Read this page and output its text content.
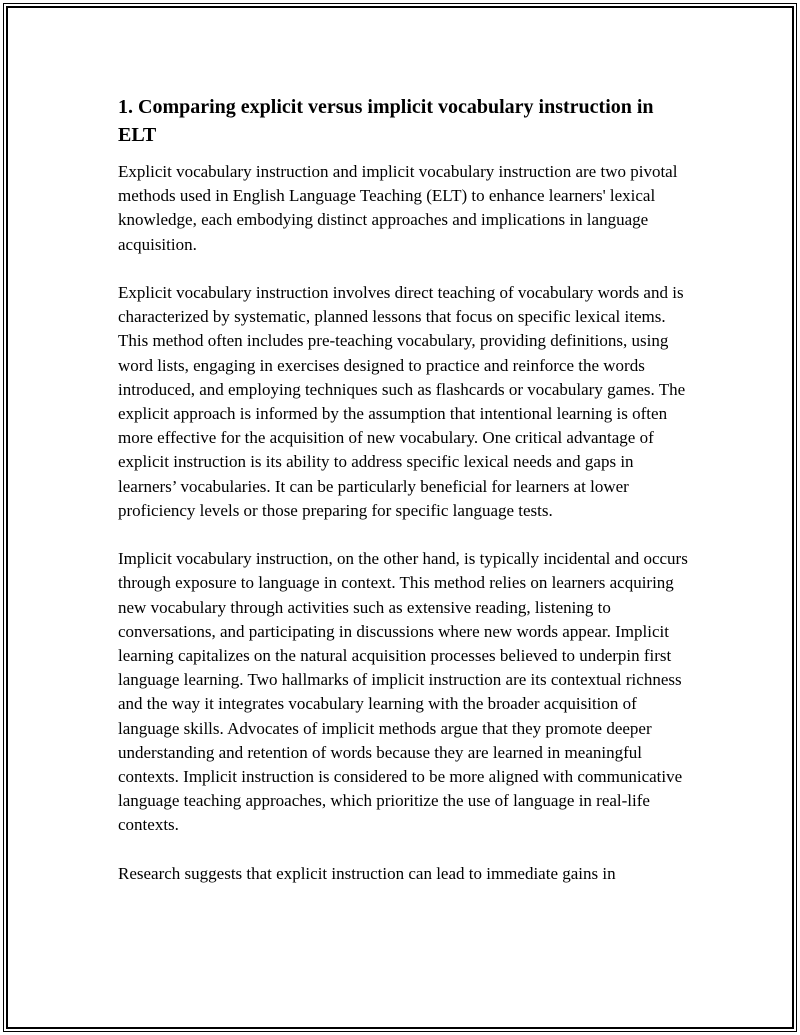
1. Comparing explicit versus implicit vocabulary instruction in ELT

Explicit vocabulary instruction and implicit vocabulary instruction are two pivotal methods used in English Language Teaching (ELT) to enhance learners' lexical knowledge, each embodying distinct approaches and implications in language acquisition.

Explicit vocabulary instruction involves direct teaching of vocabulary words and is characterized by systematic, planned lessons that focus on specific lexical items. This method often includes pre-teaching vocabulary, providing definitions, using word lists, engaging in exercises designed to practice and reinforce the words introduced, and employing techniques such as flashcards or vocabulary games. The explicit approach is informed by the assumption that intentional learning is often more effective for the acquisition of new vocabulary. One critical advantage of explicit instruction is its ability to address specific lexical needs and gaps in learners’ vocabularies. It can be particularly beneficial for learners at lower proficiency levels or those preparing for specific language tests.

Implicit vocabulary instruction, on the other hand, is typically incidental and occurs through exposure to language in context. This method relies on learners acquiring new vocabulary through activities such as extensive reading, listening to conversations, and participating in discussions where new words appear. Implicit learning capitalizes on the natural acquisition processes believed to underpin first language learning. Two hallmarks of implicit instruction are its contextual richness and the way it integrates vocabulary learning with the broader acquisition of language skills. Advocates of implicit methods argue that they promote deeper understanding and retention of words because they are learned in meaningful contexts. Implicit instruction is considered to be more aligned with communicative language teaching approaches, which prioritize the use of language in real-life contexts.

Research suggests that explicit instruction can lead to immediate gains in
